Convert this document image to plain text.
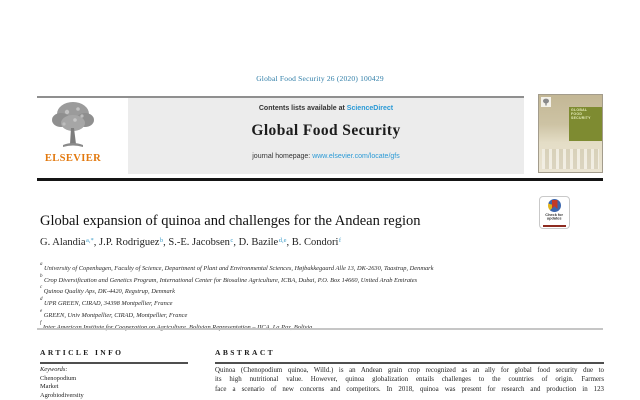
Global Food Security 26 (2020) 100429
ELSEVIER
Contents lists available at ScienceDirect
Global Food Security
journal homepage: www.elsevier.com/locate/gfs
GLOBAL
FOOD
SECURITY
Check for
updates
Global expansion of quinoa and challenges for the Andean region
G. Alandia$^{a,*}$, J.P. Rodriguez$^b$, S.-E. Jacobsen$^c$, D. Bazile$^{d,e}$, B. Condori$^f$
$^a$University of Copenhagen, Faculty of Science, Department of Plant and Environmental Sciences, Højbakkegaard Alle 13, DK-2630, Taastrup, Denmark
$^b$Crop Diversification and Genetics Program, International Center for Biosaline Agriculture, ICBA, Dubai, P.O. Box 14660, United Arab Emirates
$^c$Quinoa Quality Aps, DK-4420, Regstrup, Denmark
$^d$UPR GREEN, CIRAD, 34398 Montpellier, France
$^e$GREEN, Univ Montpellier, CIRAD, Montpellier, France
$^f$
ARTICLE INFO
Keywords:
Chenopodium
Market
Agrobiodiversity
ABSTRACT
Quinoa (Chenopodium quinoa, Willd.) is an Andean grain crop recognized as an ally for global food security due to
its high nutritional value. However, quinoa globalization entails challenges to the countries of origin. Farmers
face a scenario of new concerns and competitors. In 2018, quinoa was present for research and production in 123
